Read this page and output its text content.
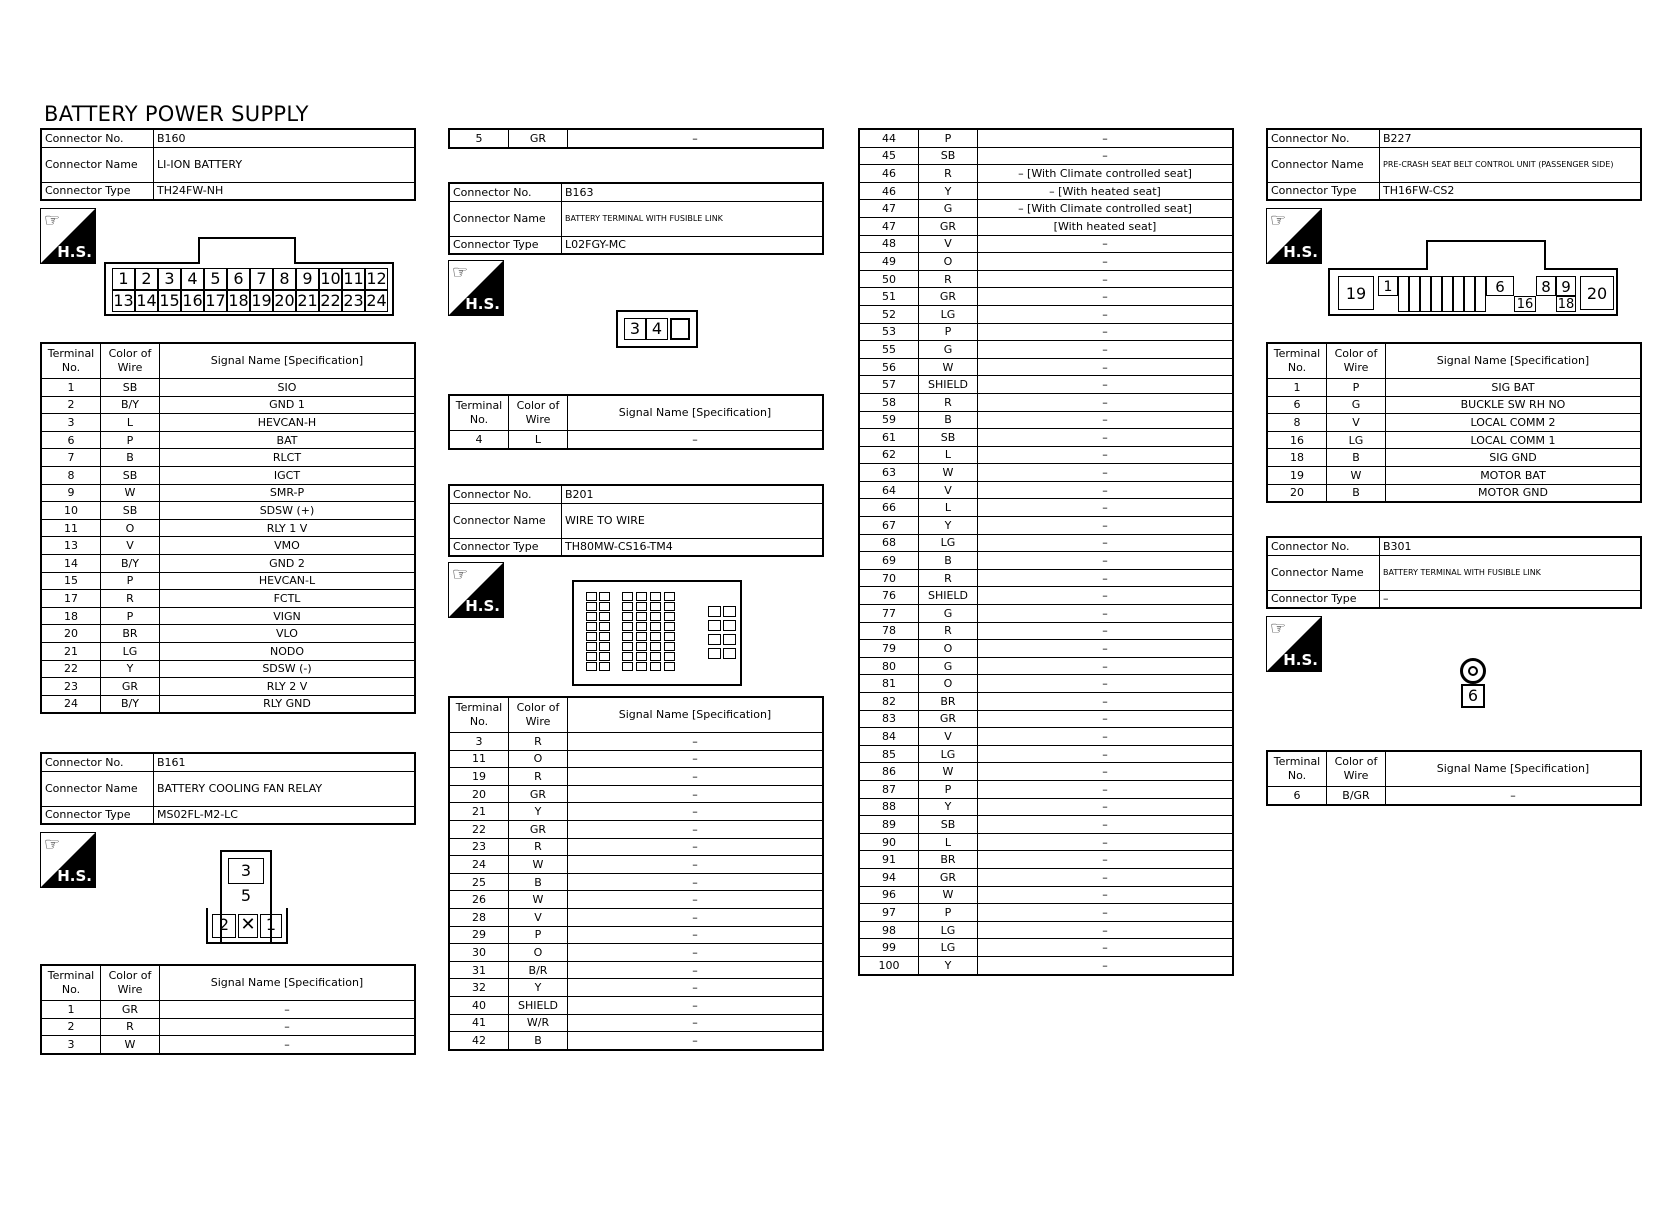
BATTERY POWER SUPPLY
Connector No.	B160
Connector Name	LI-ION BATTERY
Connector Type	TH24FW-NH
☞
H.S.
1 2 3 4 5 6 7 8 9 10 11 12
13 14 15 16 17 18 19 20 21 22 23 24
Terminal No.	Color of Wire	Signal Name [Specification]
1	SB	SIO
2	B/Y	GND 1
3	L	HEVCAN-H
6	P	BAT
7	B	RLCT
8	SB	IGCT
9	W	SMR-P
10	SB	SDSW (+)
11	O	RLY 1 V
13	V	VMO
14	B/Y	GND 2
15	P	HEVCAN-L
17	R	FCTL
18	P	VIGN
20	BR	VLO
21	LG	NODO
22	Y	SDSW (-)
23	GR	RLY 2 V
24	B/Y	RLY GND
Connector No.	B161
Connector Name	BATTERY COOLING FAN RELAY
Connector Type	MS02FL-M2-LC
☞
H.S.	3
5
2 ✕ 1
Terminal No.	Color of Wire	Signal Name [Specification]
1	GR	–
2	R	–
3	W	–
5	GR	–
Connector No.	B163
Connector Name	BATTERY TERMINAL WITH FUSIBLE LINK
Connector Type	L02FGY-MC
☞
H.S.
3 4
Terminal No.	Color of Wire	Signal Name [Specification]
4	L	–
Connector No.	B201
Connector Name	WIRE TO WIRE
Connector Type	TH80MW-CS16-TM4
☞
H.S.
Terminal No.	Color of Wire	Signal Name [Specification]
3	R	–
11	O	–
19	R	–
20	GR	–
21	Y	–
22	GR	–
23	R	–
24	W	–
25	B	–
26	W	–
28	V	–
29	P	–
30	O	–
31	B/R	–
32	Y	–
40	SHIELD	–
41	W/R	–
42	B	–
44	P	–
45	SB	–
46	R	– [With Climate controlled seat]
46	Y	– [With heated seat]
47	G	– [With Climate controlled seat]
47	GR	[With heated seat]
48	V	–
49	O	–
50	R	–
51	GR	–
52	LG	–
53	P	–
55	G	–
56	W	–
57	SHIELD	–
58	R	–
59	B	–
61	SB	–
62	L	–
63	W	–
64	V	–
66	L	–
67	Y	–
68	LG	–
69	B	–
70	R	–
76	SHIELD	–
77	G	–
78	R	–
79	O	–
80	G	–
81	O	–
82	BR	–
83	GR	–
84	V	–
85	LG	–
86	W	–
87	P	–
88	Y	–
89	SB	–
90	L	–
91	BR	–
94	GR	–
96	W	–
97	P	–
98	LG	–
99	LG	–
100	Y	–
Connector No.	B227
Connector Name	PRE-CRASH SEAT BELT CONTROL UNIT (PASSENGER SIDE)
Connector Type	TH16FW-CS2
☞
H.S.
19	1	6	8 9
16 18
20
Terminal No.	Color of Wire	Signal Name [Specification]
1	P	SIG BAT
6	G	BUCKLE SW RH NO
8	V	LOCAL COMM 2
16	LG	LOCAL COMM 1
18	B	SIG GND
19	W	MOTOR BAT
20	B	MOTOR GND
Connector No.	B301
Connector Name	BATTERY TERMINAL WITH FUSIBLE LINK
Connector Type	–
☞
H.S.
6
Terminal No.	Color of Wire	Signal Name [Specification]
6	B/GR	–
